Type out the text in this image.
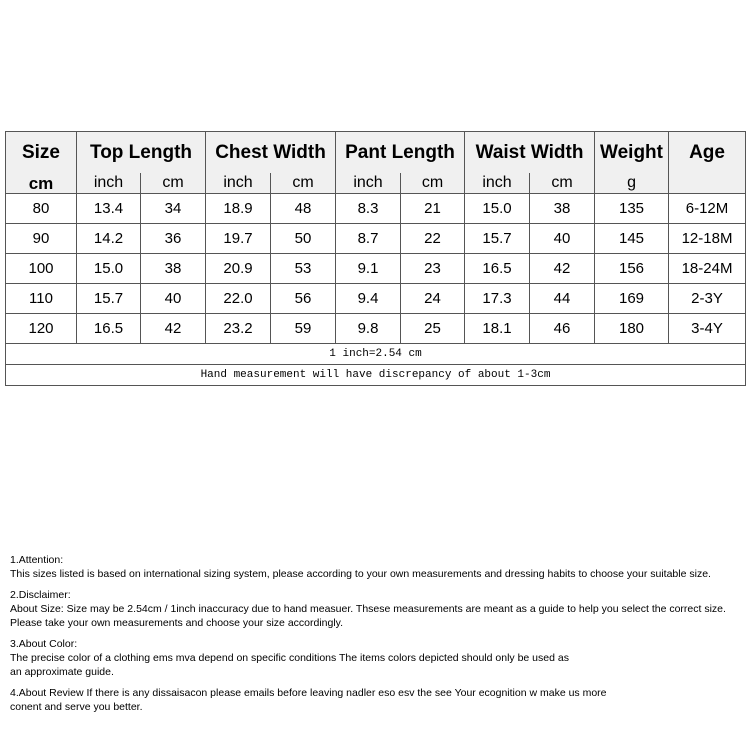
Size	Top Length		Chest Width		Pant Length		Waist Width		Weight	Age
cm	inch	cm	inch	cm	inch	cm	inch	cm	g	
80	13.4	34	18.9	48	8.3	21	15.0	38	135	6-12M
90	14.2	36	19.7	50	8.7	22	15.7	40	145	12-18M
100	15.0	38	20.9	53	9.1	23	16.5	42	156	18-24M
110	15.7	40	22.0	56	9.4	24	17.3	44	169	2-3Y
120	16.5	42	23.2	59	9.8	25	18.1	46	180	3-4Y
1 inch=2.54 cm										
Hand measurement will have discrepancy of about 1-3cm										
1.Attention:
This sizes listed is based on international sizing system, please according to your own measurements and dressing habits to choose your suitable size.
2.Disclaimer:
About Size: Size may be 2.54cm / 1inch inaccuracy due to hand measuer. Thsese measurements are meant as a guide to help you select the correct size.
Please take your own measurements and choose your size accordingly.
3.About Color:
The precise color of a clothing ems mva depend on specific conditions The items colors depicted should only be used as
an approximate guide.
4.About Review If there is any dissaisacon please emails before leaving nadler eso esv the see Your ecognition w make us more
conent and serve you better.
